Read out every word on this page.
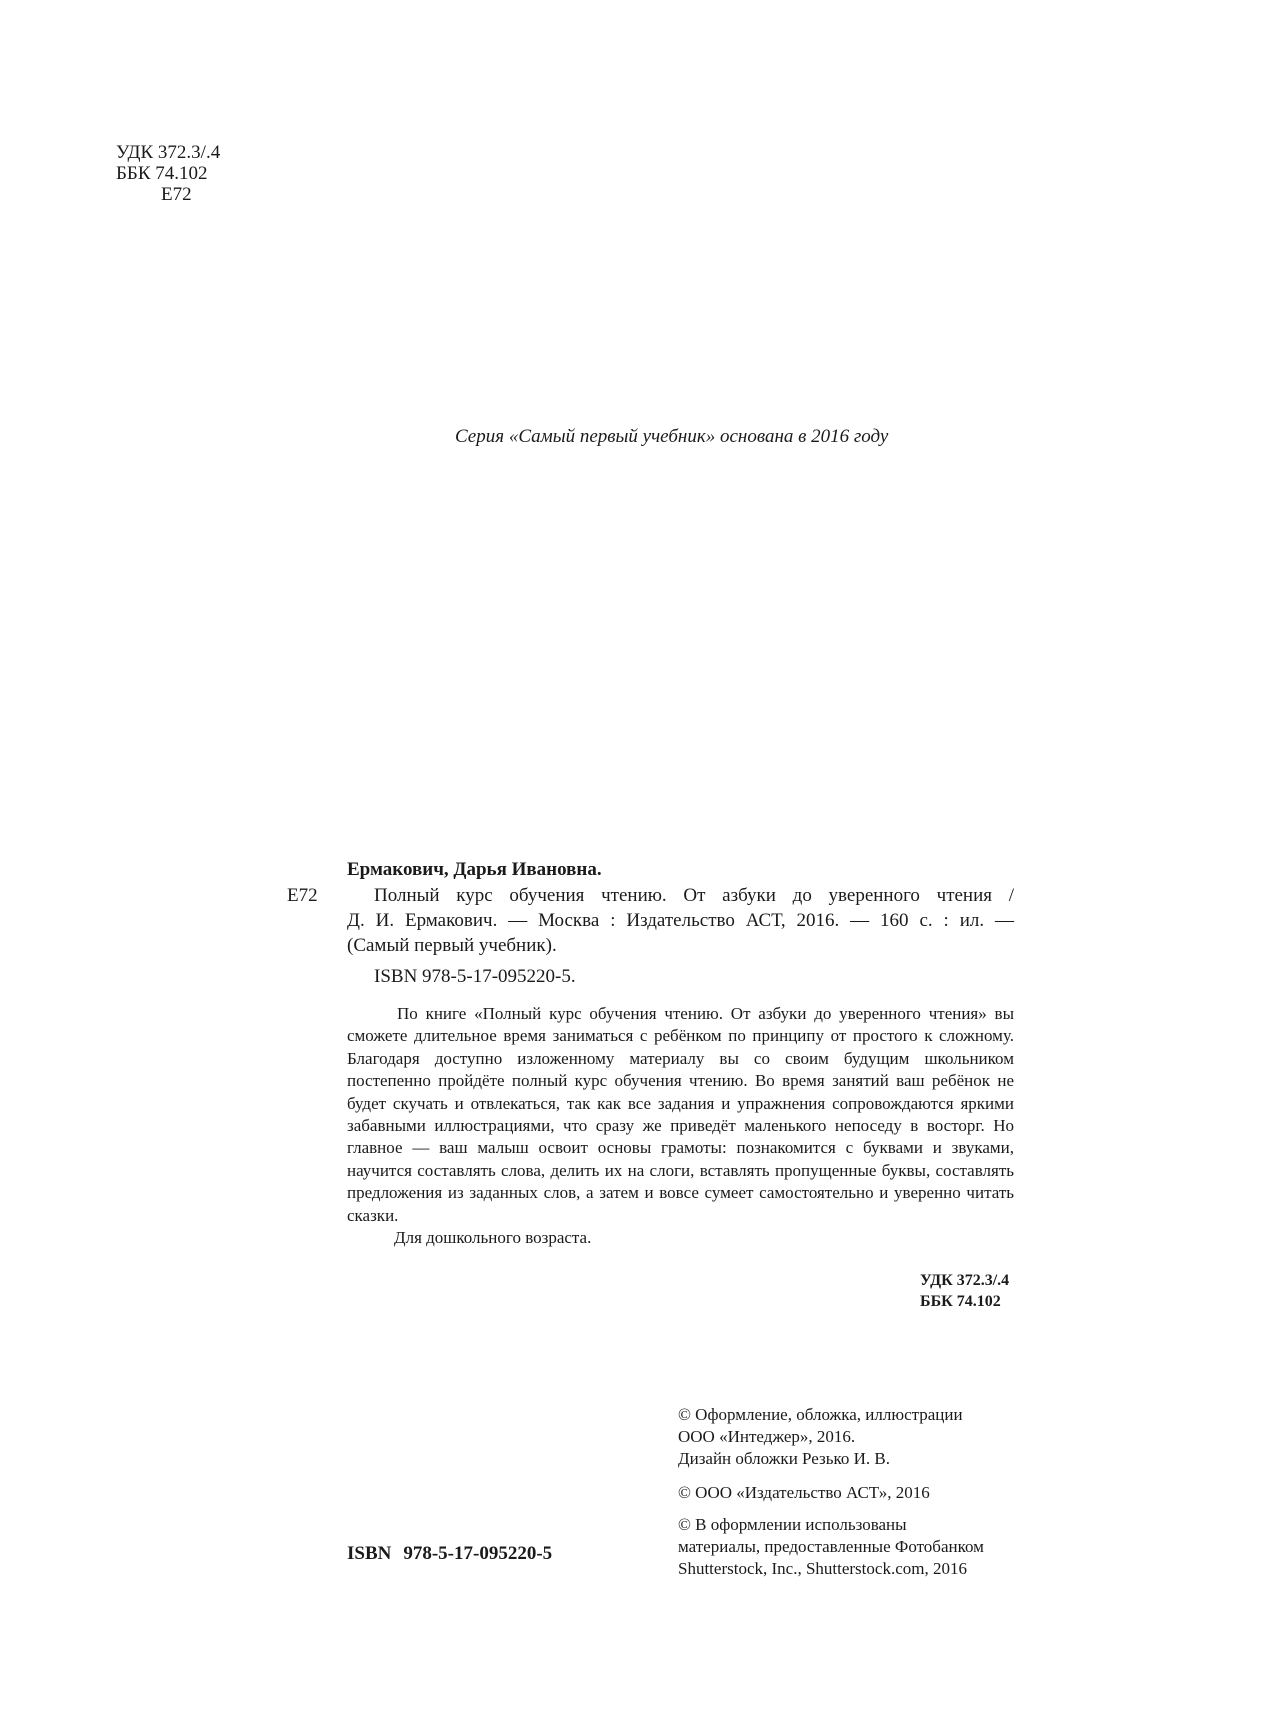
УДК 372.3/.4
ББК 74.102
Е72
Серия «Самый первый учебник» основана в 2016 году
Ермакович, Дарья Ивановна.
Е72	Полный курс обучения чтению. От азбуки до уверенного чтения /

Д. И. Ермакович. — Москва : Издательство АСТ, 2016. — 160 с. : ил. —

(Самый первый учебник).

ISBN 978-5-17-095220-5.

По книге «Полный курс обучения чтению. От азбуки до уверенного чтения» вы сможете длительное время заниматься с ребёнком по принципу от простого к сложному. Благодаря доступно изложенному материалу вы со своим будущим школьником постепенно пройдёте полный курс обучения чтению. Во время занятий ваш ребёнок не будет скучать и отвлекаться, так как все задания и упражнения сопровождаются яркими забавными иллюстрациями, что сразу же приведёт маленького непоседу в восторг. Но главное — ваш малыш освоит основы грамоты: познакомится с буквами и звуками, научится составлять слова, делить их на слоги, вставлять пропущенные буквы, составлять предложения из заданных слов, а затем и вовсе сумеет самостоятельно и уверенно читать сказки.

Для дошкольного возраста.

УДК 372.3/.4
ББК 74.102

© Оформление, обложка, иллюстрации
ООО «Интеджер», 2016.
Дизайн обложки Резько И. В.

© ООО «Издательство АСТ», 2016

© В оформлении использованы
материалы, предоставленные Фотобанком
Shutterstock, Inc., Shutterstock.com, 2016

ISBN 978-5-17-095220-5
